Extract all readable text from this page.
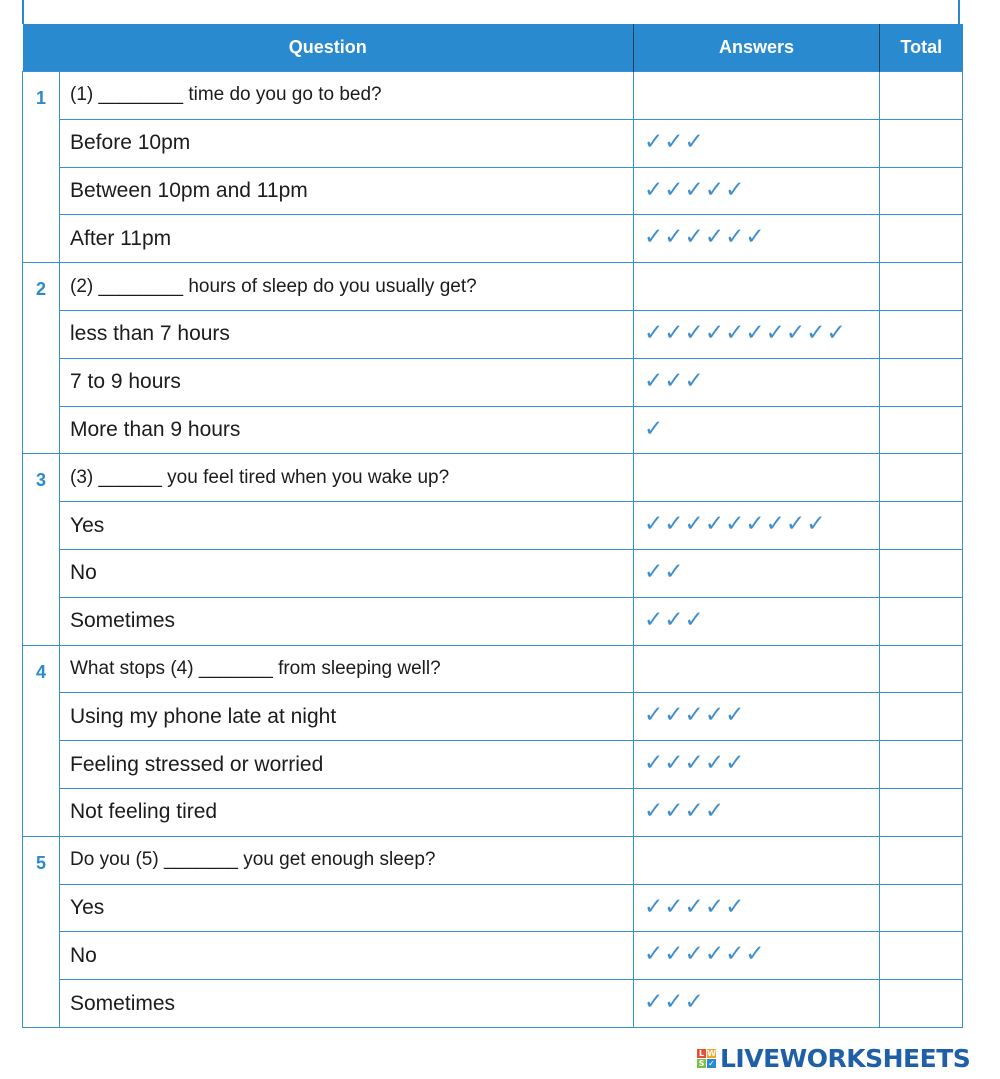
Question		Answers	Total
1	(1) ________ time do you go to bed?		
	Before 10pm	✓✓✓	
	Between 10pm and 11pm	✓✓✓✓✓	
	After 11pm	✓✓✓✓✓✓	
2	(2) ________ hours of sleep do you usually get?		
	less than 7 hours	✓✓✓✓✓✓✓✓✓✓	
	7 to 9 hours	✓✓✓	
	More than 9 hours	✓	
3	(3) ______ you feel tired when you wake up?		
	Yes	✓✓✓✓✓✓✓✓✓	
	No	✓✓	
	Sometimes	✓✓✓	
4	What stops (4) _______ from sleeping well?		
	Using my phone late at night	✓✓✓✓✓	
	Feeling stressed or worried	✓✓✓✓✓	
	Not feeling tired	✓✓✓✓	
5	Do you (5) _______ you get enough sleep?		
	Yes	✓✓✓✓✓	
	No	✓✓✓✓✓✓	
	Sometimes	✓✓✓	
L W
S ✓ LIVEWORKSHEETS
